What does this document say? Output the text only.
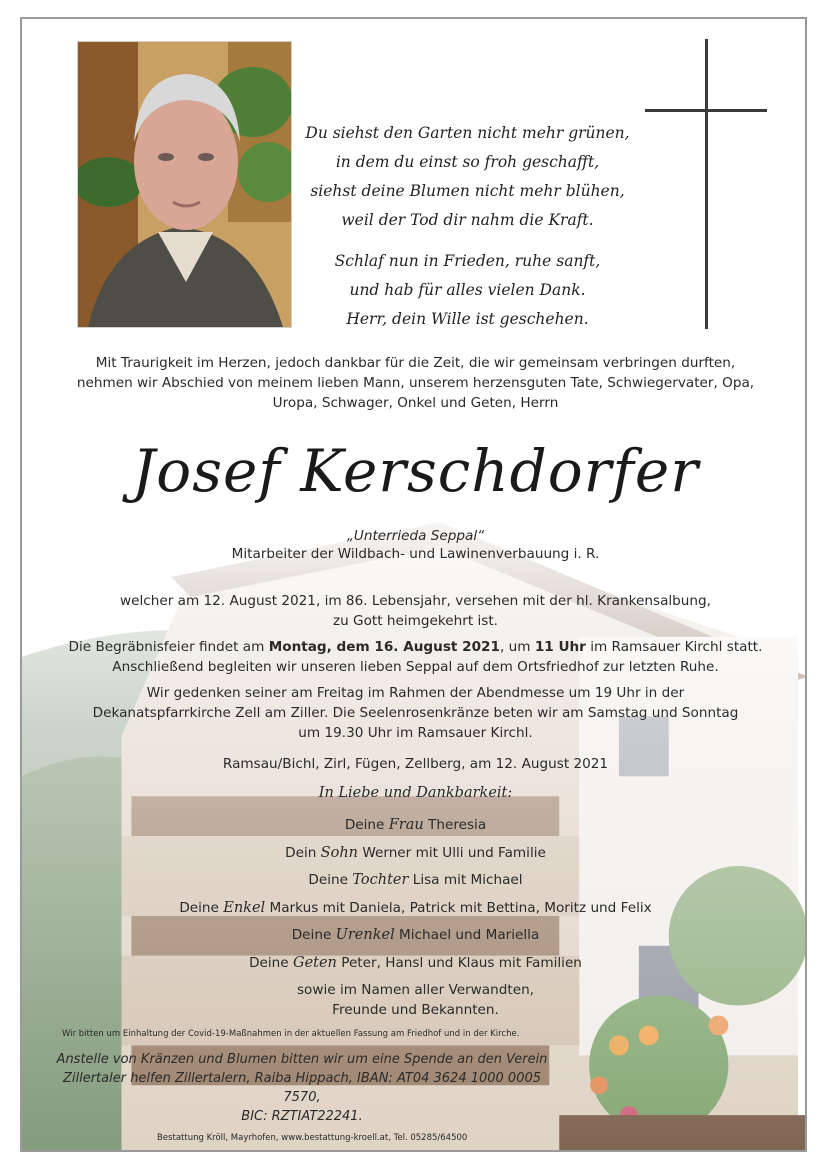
Du siehst den Garten nicht mehr grünen,

in dem du einst so froh geschafft,

siehst deine Blumen nicht mehr blühen,

weil der Tod dir nahm die Kraft.

Schlaf nun in Frieden, ruhe sanft,

und hab für alles vielen Dank.

Herr, dein Wille ist geschehen.

Mit Traurigkeit im Herzen, jedoch dankbar für die Zeit, die wir gemeinsam verbringen durften,
nehmen wir Abschied von meinem lieben Mann, unserem herzensguten Tate, Schwiegervater, Opa,
Uropa, Schwager, Onkel und Geten, Herrn
Josef Kerschdorfer
„Unterrieda Seppal“
Mitarbeiter der Wildbach- und Lawinenverbauung i. R.
welcher am 12. August 2021, im 86. Lebensjahr, versehen mit der hl. Krankensalbung,
zu Gott heimgekehrt ist.
Die Begräbnisfeier findet am Montag, dem 16. August 2021, um 11 Uhr im Ramsauer Kirchl statt.
Anschließend begleiten wir unseren lieben Seppal auf dem Ortsfriedhof zur letzten Ruhe.
Wir gedenken seiner am Freitag im Rahmen der Abendmesse um 19 Uhr in der
Dekanatspfarrkirche Zell am Ziller. Die Seelenrosenkränze beten wir am Samstag und Sonntag
um 19.30 Uhr im Ramsauer Kirchl.
Ramsau/Bichl, Zirl, Fügen, Zellberg, am 12. August 2021
In Liebe und Dankbarkeit:
Deine Frau Theresia
Dein Sohn Werner mit Ulli und Familie
Deine Tochter Lisa mit Michael
Deine Enkel Markus mit Daniela, Patrick mit Bettina, Moritz und Felix
Deine Urenkel Michael und Mariella
Deine Geten Peter, Hansl und Klaus mit Familien
sowie im Namen aller Verwandten,
Freunde und Bekannten.
Wir bitten um Einhaltung der Covid-19-Maßnahmen in der aktuellen Fassung am Friedhof und in der Kirche.
Anstelle von Kränzen und Blumen bitten wir um eine Spende an den Verein
Zillertaler helfen Zillertalern, Raiba Hippach, IBAN: AT04 3624 1000 0005 7570,
BIC: RZTIAT22241.
Bestattung Kröll, Mayrhofen, www.bestattung-kroell.at, Tel. 05285/64500
